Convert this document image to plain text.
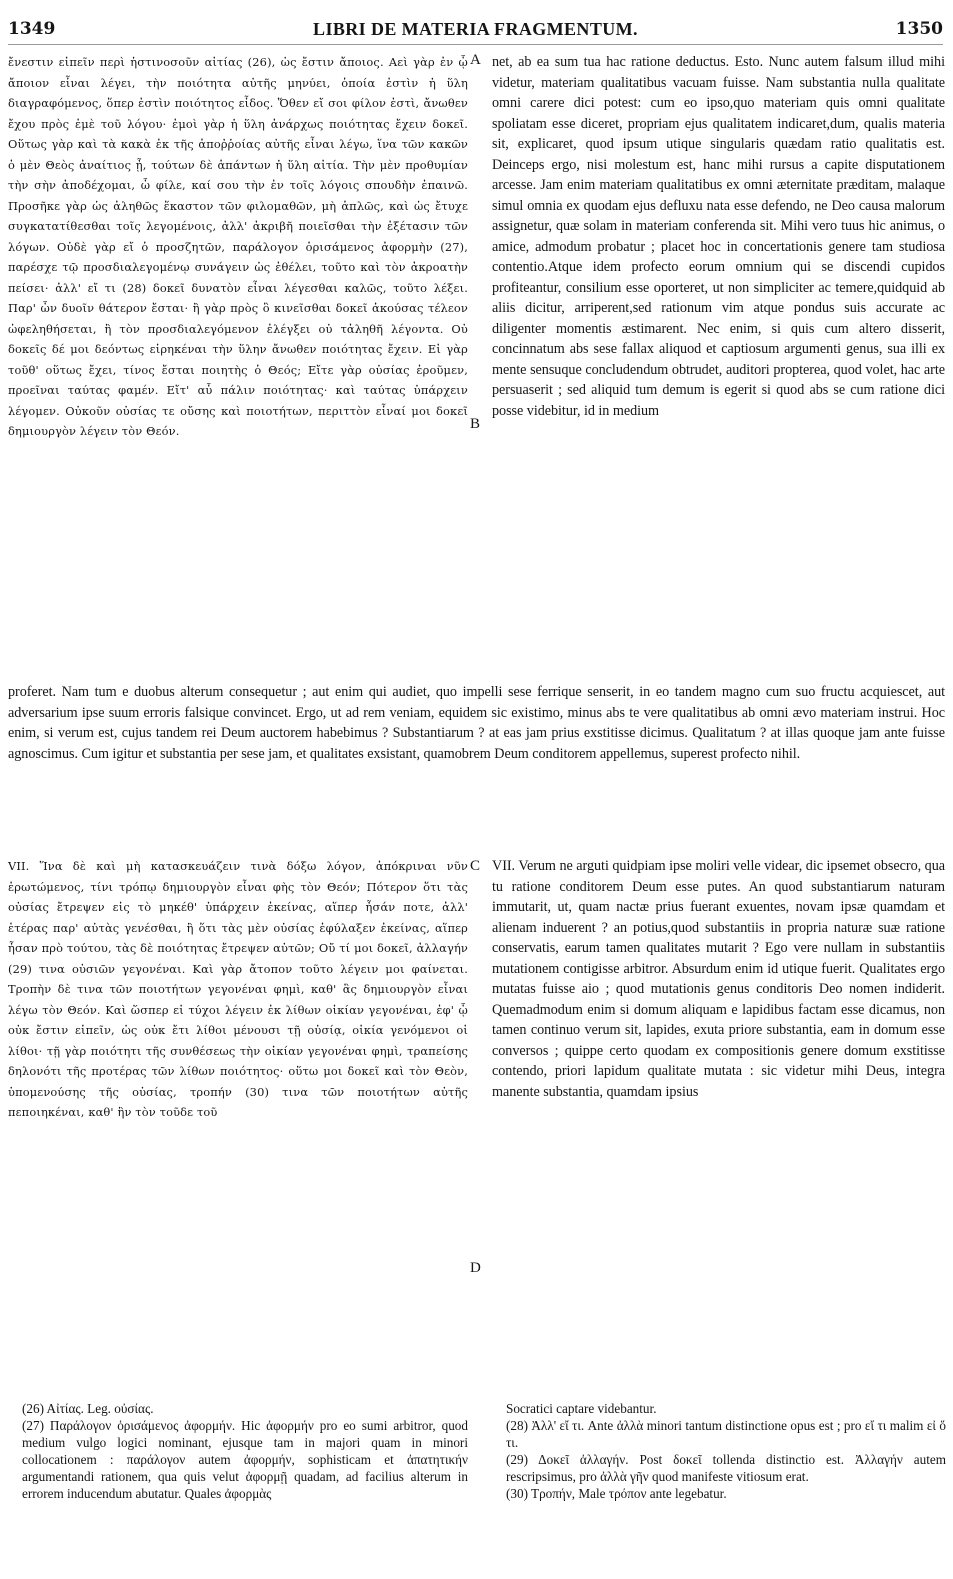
1349	LIBRI DE MATERIA FRAGMENTUM.	1350
A
B
C
D

ἔνεστιν εἰπεῖν περὶ ἡστινοσοῦν αἰτίας (26), ὡς ἔστιν ἄποιος. Αεὶ γὰρ ἐν ᾧ ἄποιον εἶναι λέγει, τὴν ποιότητα αὐτῆς μηνύει, ὁποία ἐστὶν ἡ ὕλη διαγραφόμενος, ὅπερ ἐστὶν ποιότητος εἶδος. Ὅθεν εἴ σοι φίλον ἐστὶ, ἄνωθεν ἔχου πρὸς ἐμὲ τοῦ λόγου· ἐμοὶ γὰρ ἡ ὕλη ἀνάρχως ποιότητας ἔχειν δοκεῖ. Οὕτως γὰρ καὶ τὰ κακὰ ἐκ τῆς ἀποῤῥοίας αὐτῆς εἶναι λέγω, ἵνα τῶν κακῶν ὁ μὲν Θεὸς ἀναίτιος ᾖ, τούτων δὲ ἁπάντων ἡ ὕλη αἰτία. Τὴν μὲν προθυμίαν τὴν σὴν ἀποδέχομαι, ὦ φίλε, καί σου τὴν ἐν τοῖς λόγοις σπουδὴν ἐπαινῶ. Προσῆκε γὰρ ὡς ἀληθῶς ἕκαστον τῶν φιλομαθῶν, μὴ ἁπλῶς, καὶ ὡς ἔτυχε συγκατατίθεσθαι τοῖς λεγομένοις, ἀλλ' ἀκριβῆ ποιεῖσθαι τὴν ἐξέτασιν τῶν λόγων. Οὐδὲ γὰρ εἴ ὁ προσζητῶν, παράλογον ὁρισάμενος ἀφορμὴν (27), παρέσχε τῷ προσδιαλεγομένῳ συνάγειν ὡς ἐθέλει, τοῦτο καὶ τὸν ἀκροατὴν πείσει· ἀλλ' εἴ τι (28) δοκεῖ δυνατὸν εἶναι λέγεσθαι καλῶς, τοῦτο λέξει. Παρ' ὧν δυοῖν θάτερον ἔσται· ἢ γὰρ πρὸς ὃ κινεῖσθαι δοκεῖ ἀκούσας τέλεον ὠφεληθήσεται, ἢ τὸν προσδιαλεγόμενον ἐλέγξει οὐ τἀληθῆ λέγοντα. Οὐ δοκεῖς δέ μοι δεόντως εἰρηκέναι τὴν ὕλην ἄνωθεν ποιότητας ἔχειν. Εἰ γὰρ τοῦθ' οὕτως ἔχει, τίνος ἔσται ποιητὴς ὁ Θεός; Εἴτε γὰρ οὐσίας ἐροῦμεν, προεῖναι ταύτας φαμέν. Εἴτ' αὖ πάλιν ποιότητας· καὶ ταύτας ὑπάρχειν λέγομεν. Οὐκοῦν οὐσίας τε οὔσης καὶ ποιοτήτων, περιττὸν εἶναί μοι δοκεῖ δημιουργὸν λέγειν τὸν Θεόν.

net, ab ea sum tua hac ratione deductus. Esto. Nunc autem falsum illud mihi videtur, materiam qualitatibus vacuam fuisse. Nam substantia nulla qualitate omni carere dici potest: cum eo ipso,quo materiam quis omni qualitate spoliatam esse diceret, propriam ejus qualitatem indicaret,dum, qualis materia sit, explicaret, quod ipsum utique singularis quædam ratio qualitatis est. Deinceps ergo, nisi molestum est, hanc mihi rursus a capite disputationem arcesse. Jam enim materiam qualitatibus ex omni æternitate præditam, malaque simul omnia ex quodam ejus defluxu nata esse defendo, ne Deo causa malorum assignetur, quæ solam in materiam conferenda sit. Mihi vero tuus hic animus, o amice, admodum probatur ; placet hoc in concertationis genere tam studiosa contentio.Atque idem profecto eorum omnium qui se discendi cupidos profiteantur, consilium esse oporteret, ut non simpliciter ac temere,quidquid ab aliis dicitur, arriperent,sed rationum vim atque pondus suis accurate ac diligenter momentis æstimarent. Nec enim, si quis cum altero disserit, concinnatum abs sese fallax aliquod et captiosum argumenti genus, sua illi ex mente sensuque concludendum obtrudet, auditori propterea, quod volet, hac arte persuaserit ; sed aliquid tum demum is egerit si quod abs se cum ratione dici posse videbitur, id in medium

proferet. Nam tum e duobus alterum consequetur ; aut enim qui audiet, quo impelli sese ferrique senserit, in eo tandem magno cum suo fructu acquiescet, aut adversarium ipse suum erroris falsique convincet. Ergo, ut ad rem veniam, equidem sic existimo, minus abs te vere qualitatibus ab omni ævo materiam instrui. Hoc enim, si verum est, cujus tandem rei Deum auctorem habebimus ? Substantiarum ? at eas jam prius exstitisse dicimus. Qualitatum ? at illas quoque jam ante fuisse agnoscimus. Cum igitur et substantia per sese jam, et qualitates exsistant, quamobrem Deum conditorem appellemus, superest profecto nihil.

VII. Ἵνα δὲ καὶ μὴ κατασκευάζειν τινὰ δόξω λόγον, ἀπόκριναι νῦν ἐρωτώμενος, τίνι τρόπῳ δημιουργὸν εἶναι φὴς τὸν Θεόν; Πότερον ὅτι τὰς οὐσίας ἔτρεψεν εἰς τὸ μηκέθ' ὑπάρχειν ἐκείνας, αἵπερ ἦσάν ποτε, ἀλλ' ἑτέρας παρ' αὐτὰς γενέσθαι, ἢ ὅτι τὰς μὲν οὐσίας ἐφύλαξεν ἐκείνας, αἵπερ ἦσαν πρὸ τούτου, τὰς δὲ ποιότητας ἔτρεψεν αὐτῶν; Οὔ τί μοι δοκεῖ, ἀλλαγήν (29) τινα οὐσιῶν γεγονέναι. Καὶ γὰρ ἄτοπον τοῦτο λέγειν μοι φαίνεται. Τροπὴν δὲ τινα τῶν ποιοτήτων γεγονέναι φημὶ, καθ' ἃς δημιουργὸν εἶναι λέγω τὸν Θεόν. Καὶ ὥσπερ εἰ τύχοι λέγειν ἐκ λίθων οἰκίαν γεγονέναι, ἐφ' ᾧ οὐκ ἔστιν εἰπεῖν, ὡς οὐκ ἔτι λίθοι μένουσι τῇ οὐσίᾳ, οἰκία γενόμενοι οἱ λίθοι· τῇ γὰρ ποιότητι τῆς συνθέσεως τὴν οἰκίαν γεγονέναι φημὶ, τραπείσης δηλονότι τῆς προτέρας τῶν λίθων ποιότητος· οὕτω μοι δοκεῖ καὶ τὸν Θεὸν, ὑπομενούσης τῆς οὐσίας, τροπήν (30) τινα τῶν ποιοτήτων αὐτῆς πεποιηκέναι, καθ' ἣν τὸν τοῦδε τοῦ

VII. Verum ne arguti quidpiam ipse moliri velle videar, dic ipsemet obsecro, qua tu ratione conditorem Deum esse putes. An quod substantiarum naturam immutarit, ut, quam nactæ prius fuerant exuentes, novam ipsæ quamdam et alienam induerent ? an potius,quod substantiis in propria naturæ suæ ratione conservatis, earum tamen qualitates mutarit ? Ego vere nullam in substantiis mutationem contigisse arbitror. Absurdum enim id utique fuerit. Qualitates ergo mutatas fuisse aio ; quod mutationis genus conditoris Deo nomen indiderit. Quemadmodum enim si domum aliquam e lapidibus factam esse dicamus, non tamen continuo verum sit, lapides, exuta priore substantia, eam in domum esse conversos ; quippe certo quodam ex compositionis genere domum exstitisse contendo, priori lapidum qualitate mutata : sic videtur mihi Deus, integra manente substantia, quamdam ipsius

(26) Αἰτίας. Leg. οὐσίας.

(27) Παράλογον ὁρισάμενος ἀφορμήν. Hic ἀφορμήν pro eo sumi arbitror, quod medium vulgo logici nominant, ejusque tam in majori quam in minori collocationem : παράλογον autem ἀφορμήν, sophisticam et ἀπατητικήν argumentandi rationem, qua quis velut ἀφορμῇ quadam, ad facilius alterum in errorem inducendum abutatur. Quales ἀφορμὰς

Socratici captare videbantur.

(28) Ἀλλ' εἴ τι. Ante ἀλλὰ minori tantum distinctione opus est ; pro εἴ τι malim εἰ ὅ τι.

(29) Δοκεῖ ἀλλαγήν. Post δοκεῖ tollenda distinctio est. Ἀλλαγήν autem rescripsimus, pro ἀλλὰ γῆν quod manifeste vitiosum erat.

(30) Τροπήν, Male τρόπον ante legebatur.
